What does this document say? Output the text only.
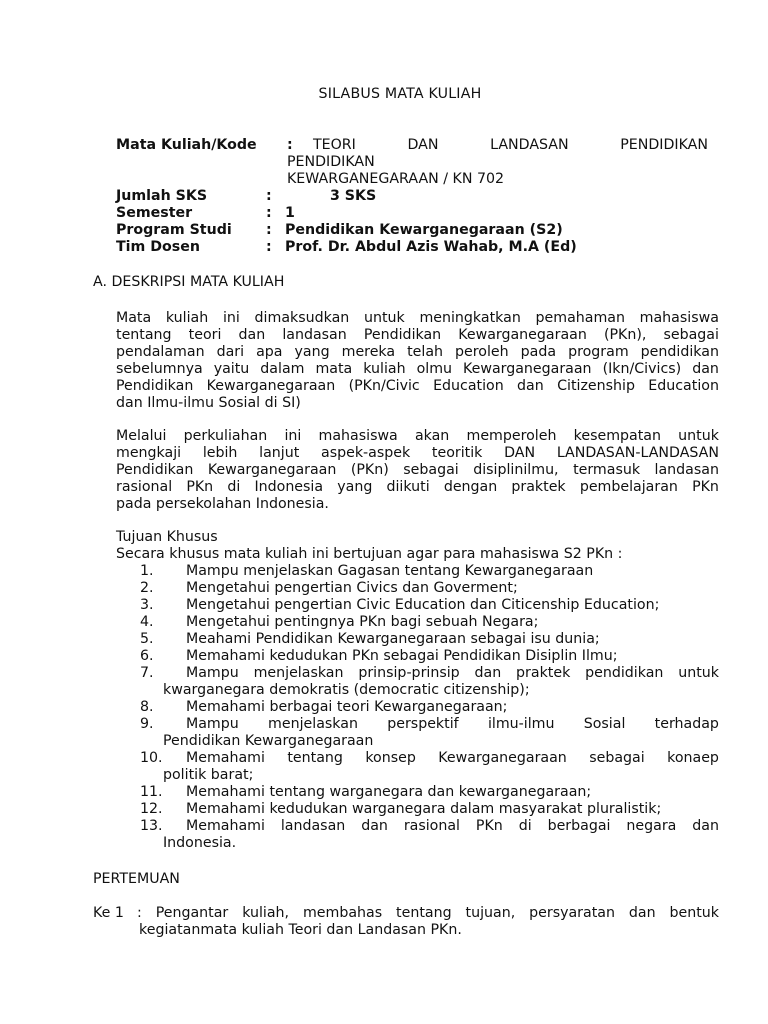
SILABUS MATA KULIAH
Mata Kuliah/Kode : TEORI	DAN	LANDASAN	PENDIDIKAN
PENDIDIKAN
KEWARGANEGARAAN / KN 702
Jumlah SKS	:	3 SKS
Semester	: 1
Program Studi : Pendidikan Kewarganegaraan (S2)
Tim Dosen	: Prof. Dr. Abdul Azis Wahab, M.A (Ed)
A. DESKRIPSI MATA KULIAH
Mata kuliah ini dimaksudkan untuk meningkatkan pemahaman mahasiswa
tentang teori dan landasan Pendidikan Kewarganegaraan (PKn), sebagai
pendalaman dari apa yang mereka telah peroleh pada program pendidikan
sebelumnya yaitu dalam mata kuliah olmu Kewarganegaraan (Ikn/Civics) dan
Pendidikan Kewarganegaraan (PKn/Civic Education dan Citizenship Education
dan Ilmu-ilmu Sosial di SI)
Melalui perkuliahan ini mahasiswa akan memperoleh kesempatan untuk
mengkaji lebih lanjut aspek-aspek teoritik DAN LANDASAN-LANDASAN
Pendidikan Kewarganegaraan (PKn) sebagai disiplinilmu, termasuk landasan
rasional PKn di Indonesia yang diikuti dengan praktek pembelajaran PKn
pada persekolahan Indonesia.
Tujuan Khusus
Secara khusus mata kuliah ini bertujuan agar para mahasiswa S2 PKn :
1. Mampu menjelaskan Gagasan tentang Kewarganegaraan
2. Mengetahui pengertian Civics dan Goverment;
3. Mengetahui pengertian Civic Education dan Citicenship Education;
4. Mengetahui pentingnya PKn bagi sebuah Negara;
5. Meahami Pendidikan Kewarganegaraan sebagai isu dunia;
6. Memahami kedudukan PKn sebagai Pendidikan Disiplin Ilmu;
7. Mampu menjelaskan prinsip-prinsip dan praktek pendidikan untuk
kwarganegara demokratis (democratic citizenship);
8. Memahami berbagai teori Kewarganegaraan;
9. Mampu menjelaskan perspektif ilmu-ilmu Sosial terhadap
Pendidikan Kewarganegaraan
10. Memahami tentang konsep Kewarganegaraan sebagai konaep
politik barat;
11. Memahami tentang warganegara dan kewarganegaraan;
12. Memahami kedudukan warganegara dalam masyarakat pluralistik;
13. Memahami landasan dan rasional PKn di berbagai negara dan
Indonesia.
PERTEMUAN
Ke 1 : Pengantar kuliah, membahas tentang tujuan, persyaratan dan bentuk
kegiatanmata kuliah Teori dan Landasan PKn.
